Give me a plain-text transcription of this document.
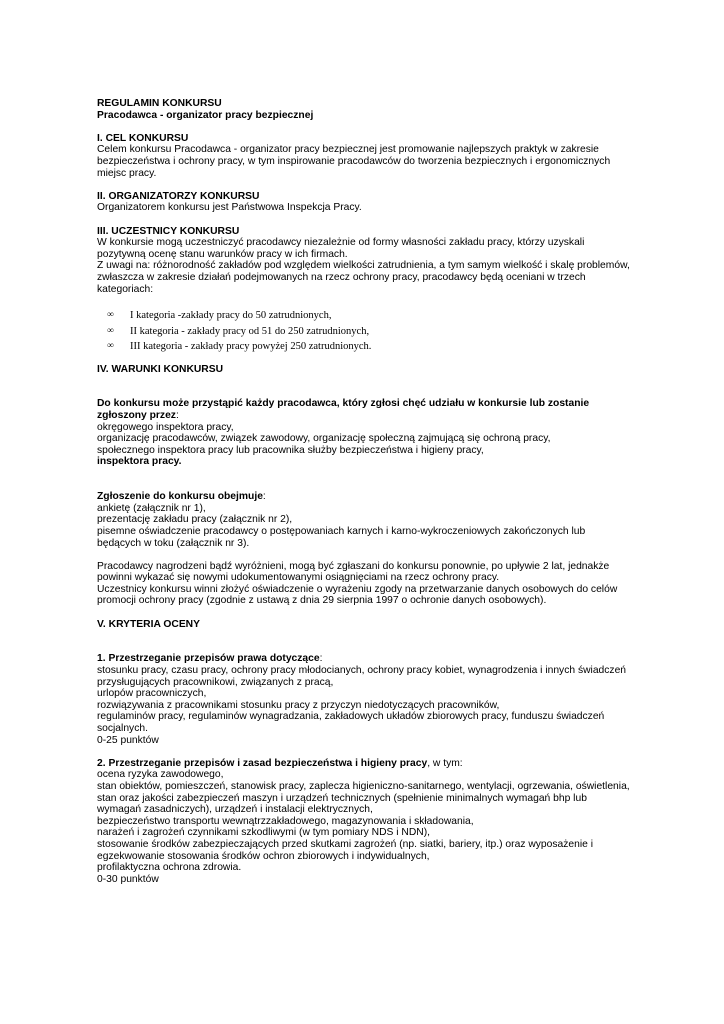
REGULAMIN KONKURSU

Pracodawca - organizator pracy bezpiecznej

I. CEL KONKURSU

Celem konkursu Pracodawca - organizator pracy bezpiecznej jest promowanie najlepszych praktyk w zakresie bezpieczeństwa i ochrony pracy, w tym inspirowanie pracodawców do tworzenia bezpiecznych i ergonomicznych miejsc pracy.

II. ORGANIZATORZY KONKURSU

Organizatorem konkursu jest Państwowa Inspekcja Pracy.

III. UCZESTNICY KONKURSU

W konkursie mogą uczestniczyć pracodawcy niezależnie od formy własności zakładu pracy, którzy uzyskali pozytywną ocenę stanu warunków pracy w ich firmach.

Z uwagi na: różnorodność zakładów pod względem wielkości zatrudnienia, a tym samym wielkość i skalę problemów, zwłaszcza w zakresie działań podejmowanych na rzecz ochrony pracy, pracodawcy będą oceniani w trzech kategoriach:

∞ I kategoria -zakłady pracy do 50 zatrudnionych,
∞ II kategoria - zakłady pracy od 51 do 250 zatrudnionych,
∞ III kategoria - zakłady pracy powyżej 250 zatrudnionych.

IV. WARUNKI KONKURSU

Do konkursu może przystąpić każdy pracodawca, który zgłosi chęć udziału w konkursie lub zostanie zgłoszony przez:

okręgowego inspektora pracy,

organizację pracodawców, związek zawodowy, organizację społeczną zajmującą się ochroną pracy,

społecznego inspektora pracy lub pracownika służby bezpieczeństwa i higieny pracy,

inspektora pracy.

Zgłoszenie do konkursu obejmuje:

ankietę (załącznik nr 1),

prezentację zakładu pracy (załącznik nr 2),

pisemne oświadczenie pracodawcy o postępowaniach karnych i karno-wykroczeniowych zakończonych lub będących w toku (załącznik nr 3).

Pracodawcy nagrodzeni bądź wyróżnieni, mogą być zgłaszani do konkursu ponownie, po upływie 2 lat, jednakże powinni wykazać się nowymi udokumentowanymi osiągnięciami na rzecz ochrony pracy.

Uczestnicy konkursu winni złożyć oświadczenie o wyrażeniu zgody na przetwarzanie danych osobowych do celów promocji ochrony pracy (zgodnie z ustawą z dnia 29 sierpnia 1997 o ochronie danych osobowych).

V. KRYTERIA OCENY

1. Przestrzeganie przepisów prawa dotyczące:

stosunku pracy, czasu pracy, ochrony pracy młodocianych, ochrony pracy kobiet, wynagrodzenia i innych świadczeń przysługujących pracownikowi, związanych z pracą,

urlopów pracowniczych,

rozwiązywania z pracownikami stosunku pracy z przyczyn niedotyczących pracowników,

regulaminów pracy, regulaminów wynagradzania, zakładowych układów zbiorowych pracy, funduszu świadczeń socjalnych.

0-25 punktów

2. Przestrzeganie przepisów i zasad bezpieczeństwa i higieny pracy, w tym:

ocena ryzyka zawodowego,

stan obiektów, pomieszczeń, stanowisk pracy, zaplecza higieniczno-sanitarnego, wentylacji, ogrzewania, oświetlenia,

stan oraz jakości zabezpieczeń maszyn i urządzeń technicznych (spełnienie minimalnych wymagań bhp lub wymagań zasadniczych), urządzeń i instalacji elektrycznych,

bezpieczeństwo transportu wewnątrzzakładowego, magazynowania i składowania,

narażeń i zagrożeń czynnikami szkodliwymi (w tym pomiary NDS i NDN),

stosowanie środków zabezpieczających przed skutkami zagrożeń (np. siatki, bariery, itp.) oraz wyposażenie i egzekwowanie stosowania środków ochron zbiorowych i indywidualnych,

profilaktyczna ochrona zdrowia.

0-30 punktów
